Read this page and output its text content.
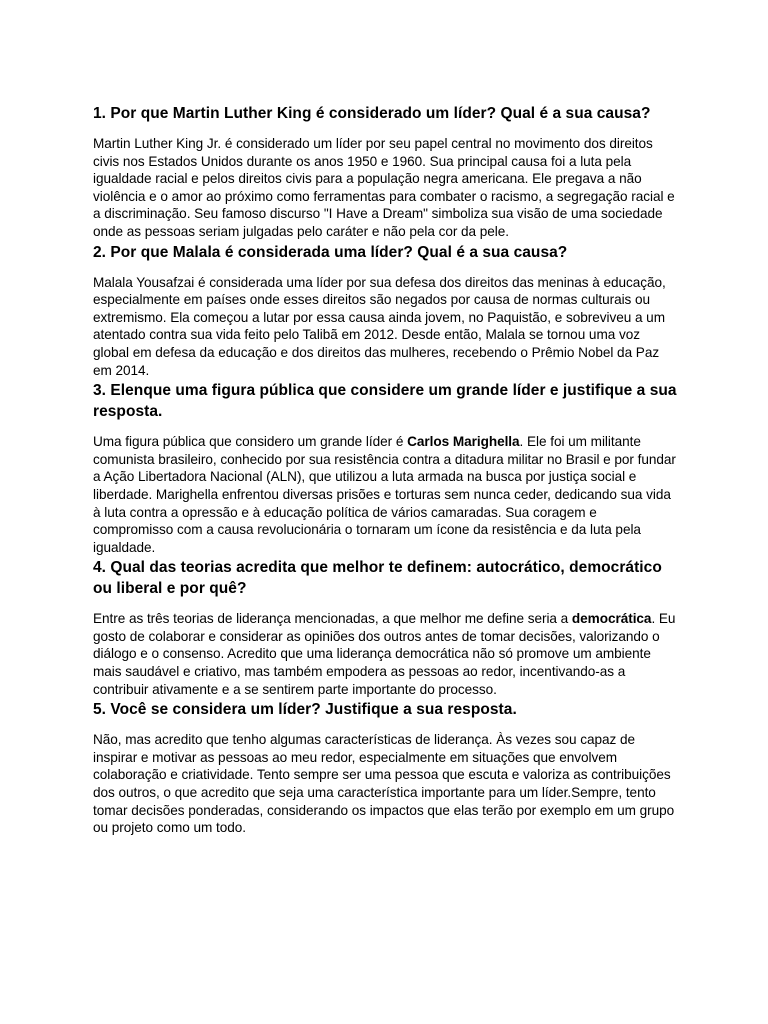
1. Por que Martin Luther King é considerado um líder? Qual é a sua causa?

Martin Luther King Jr. é considerado um líder por seu papel central no movimento dos direitos civis nos Estados Unidos durante os anos 1950 e 1960. Sua principal causa foi a luta pela igualdade racial e pelos direitos civis para a população negra americana. Ele pregava a não violência e o amor ao próximo como ferramentas para combater o racismo, a segregação racial e a discriminação. Seu famoso discurso "I Have a Dream" simboliza sua visão de uma sociedade onde as pessoas seriam julgadas pelo caráter e não pela cor da pele.

2. Por que Malala é considerada uma líder? Qual é a sua causa?

Malala Yousafzai é considerada uma líder por sua defesa dos direitos das meninas à educação, especialmente em países onde esses direitos são negados por causa de normas culturais ou extremismo. Ela começou a lutar por essa causa ainda jovem, no Paquistão, e sobreviveu a um atentado contra sua vida feito pelo Talibã em 2012. Desde então, Malala se tornou uma voz global em defesa da educação e dos direitos das mulheres, recebendo o Prêmio Nobel da Paz em 2014.

3. Elenque uma figura pública que considere um grande líder e justifique a sua resposta.

Uma figura pública que considero um grande líder é Carlos Marighella. Ele foi um militante comunista brasileiro, conhecido por sua resistência contra a ditadura militar no Brasil e por fundar a Ação Libertadora Nacional (ALN), que utilizou a luta armada na busca por justiça social e liberdade. Marighella enfrentou diversas prisões e torturas sem nunca ceder, dedicando sua vida à luta contra a opressão e à educação política de vários camaradas. Sua coragem e compromisso com a causa revolucionária o tornaram um ícone da resistência e da luta pela igualdade.

4. Qual das teorias acredita que melhor te definem: autocrático, democrático ou liberal e por quê?

Entre as três teorias de liderança mencionadas, a que melhor me define seria a democrática. Eu gosto de colaborar e considerar as opiniões dos outros antes de tomar decisões, valorizando o diálogo e o consenso. Acredito que uma liderança democrática não só promove um ambiente mais saudável e criativo, mas também empodera as pessoas ao redor, incentivando-as a contribuir ativamente e a se sentirem parte importante do processo.

5. Você se considera um líder? Justifique a sua resposta.

Não, mas acredito que tenho algumas características de liderança. Às vezes sou capaz de inspirar e motivar as pessoas ao meu redor, especialmente em situações que envolvem colaboração e criatividade. Tento sempre ser uma pessoa que escuta e valoriza as contribuições dos outros, o que acredito que seja uma característica importante para um líder.Sempre, tento tomar decisões ponderadas, considerando os impactos que elas terão por exemplo em um grupo ou projeto como um todo.
